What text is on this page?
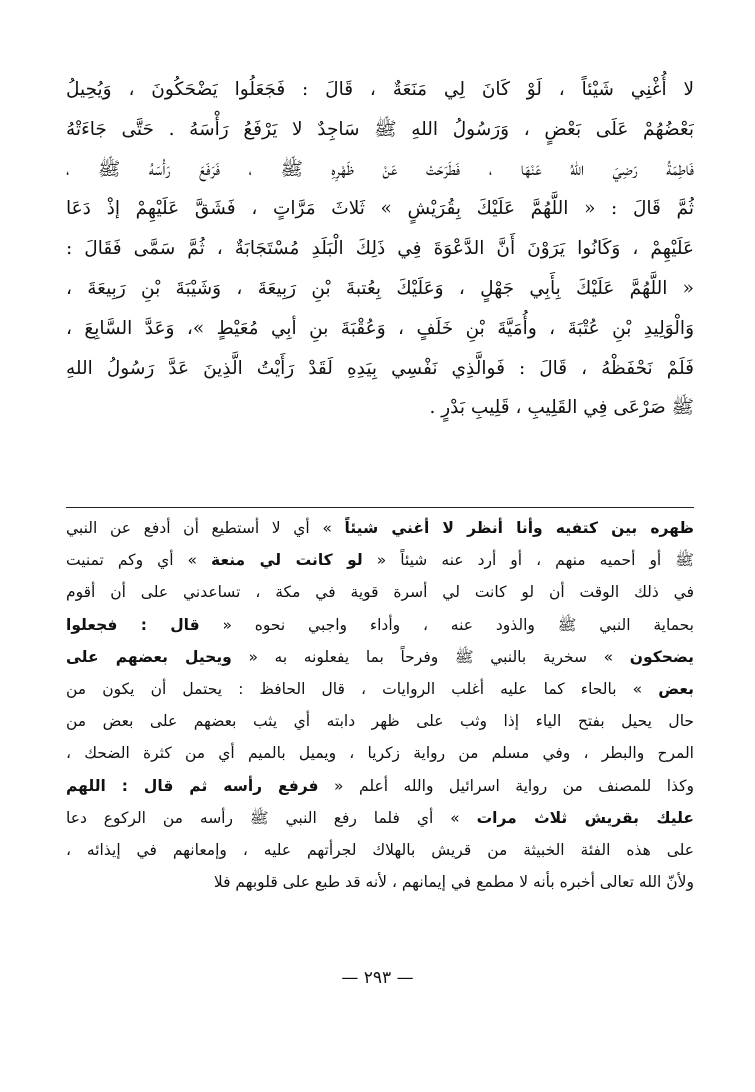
لا أُغْنِي شَيْئاً ، لَوْ كَانَ لِي مَنَعَةٌ ، قَالَ : فَجَعَلُوا يَضْحَكُونَ ، وَيُحِيلُ
بَعْضُهُمْ عَلَى بَعْضٍ ، وَرَسُولُ اللهِ ﷺ سَاجِدٌ لا يَرْفَعُ رَأْسَهُ . حَتَّى جَاءَتْهُ
فَاطِمَةُ رَضِيَ اللهُ عَنْهَا ، فَطَرَحَتْ عَنْ ظَهْرِهِ ﷺ ، فَرَفَعَ رَأْسَهُ ﷺ ،
ثُمَّ قَالَ : « اللَّهُمَّ عَلَيْكَ بِقُرَيْشٍ » ثَلاثَ مَرَّاتٍ ، فَشَقَّ عَلَيْهِمْ إذْ دَعَا
عَلَيْهِمْ ، وَكَانُوا يَرَوْنَ أَنَّ الدَّعْوَةَ فِي ذَلِكَ الْبَلَدِ مُسْتَجَابَةٌ ، ثُمَّ سَمَّى فَقَالَ :
« اللَّهُمَّ عَلَيْكَ بِأَبِي جَهْلٍ ، وَعَلَيْكَ بِعُتبةَ بْنِ رَبِيعَةَ ، وَشَيْبَةَ بْنِ رَبِيعَةَ ،
وَالْوَلِيدِ بْنِ عُتْبَةَ ، وأُمَيَّةَ بْنِ خَلَفٍ ، وَعُقْبَةَ بنِ أبِي مُعَيْطٍ »، وَعَدَّ السَّابِعَ ،
فَلَمْ نَحْفَظْهُ ، قَالَ : فَوالَّذِي نَفْسِي بِيَدِهِ لَقَدْ رَأَيْتُ الَّذِينَ عَدَّ رَسُولُ اللهِ
ﷺ صَرْعَى فِي القَلِيبِ ، قَلِيبِ بَدْرٍ .
ظهره بين كتفيه وأنا أنظر لا أغني شيئاً » أي لا أستطيع أن أدفع عن النبي
ﷺ أو أحميه منهم ، أو أرد عنه شيئاً « لو كانت لي منعة » أي وكم تمنيت
في ذلك الوقت أن لو كانت لي أسرة قوية في مكة ، تساعدني على أن أقوم
بحماية النبي ﷺ والذود عنه ، وأداء واجبي نحوه « قال : فجعلوا
يضحكون » سخرية بالنبي ﷺ وفرحاً بما يفعلونه به « ويحيل بعضهم على
بعض » بالحاء كما عليه أغلب الروايات ، قال الحافظ : يحتمل أن يكون من
حال يحيل بفتح الياء إذا وثب على ظهر دابته أي يثب بعضهم على بعض من
المرح والبطر ، وفي مسلم من رواية زكريا ، ويميل بالميم أي من كثرة الضحك ،
وكذا للمصنف من رواية اسرائيل والله أعلم « فرفع رأسه ثم قال : اللهم
عليك بقريش ثلاث مرات » أي فلما رفع النبي ﷺ رأسه من الركوع دعا
على هذه الفئة الخبيثة من قريش بالهلاك لجرأتهم عليه ، وإمعانهم في إيذائه ،
ولأنّ الله تعالى أخبره بأنه لا مطمع في إيمانهم ، لأنه قد طبع على قلوبهم فلا
— ٢٩٣ —
